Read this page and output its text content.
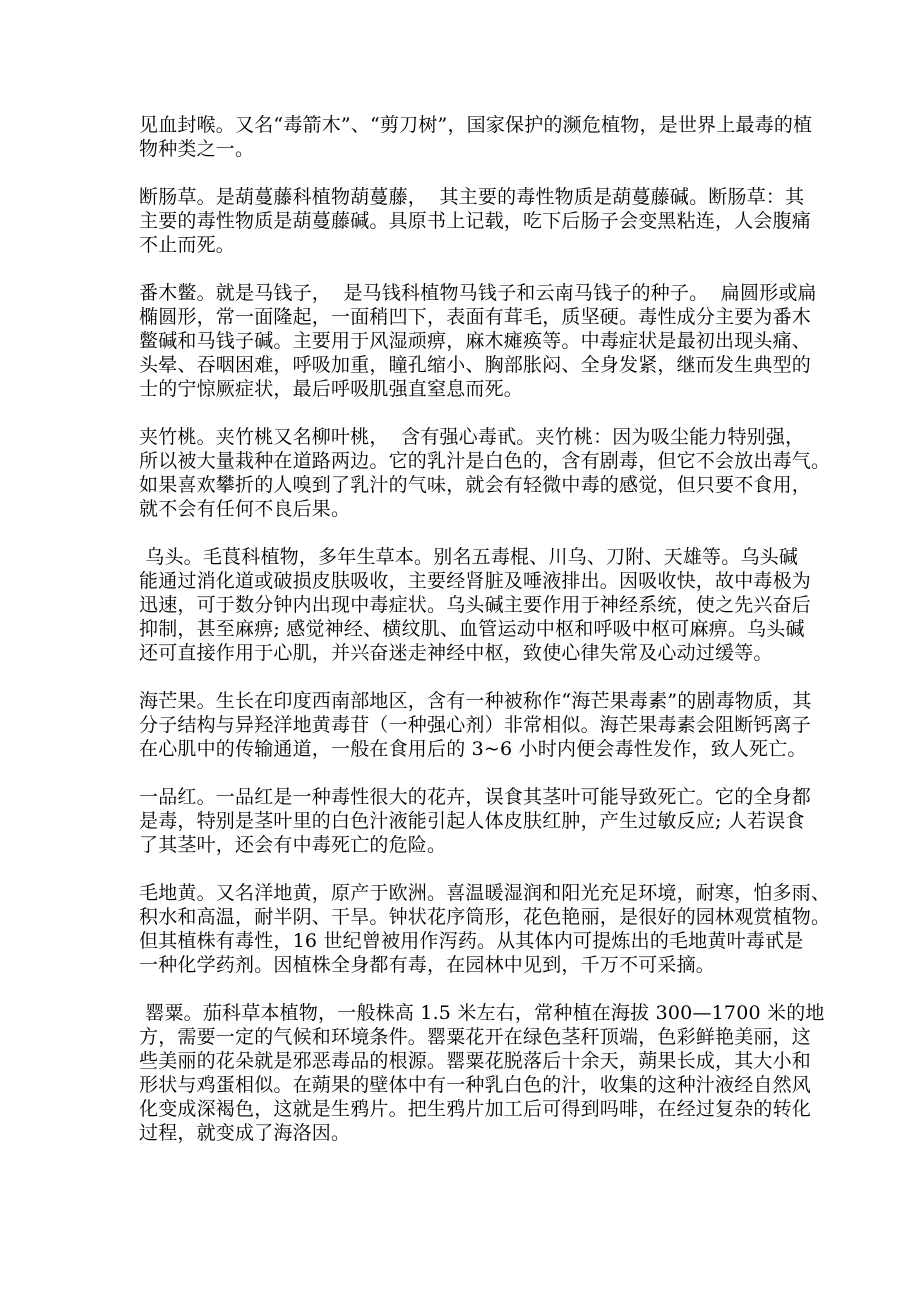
见血封喉。又名“毒箭木”、“剪刀树”，国家保护的濒危植物，是世界上最毒的植
物种类之一。
断肠草。是葫蔓藤科植物葫蔓藤，  其主要的毒性物质是葫蔓藤碱。断肠草：其
主要的毒性物质是葫蔓藤碱。具原书上记载，吃下后肠子会变黑粘连，人会腹痛
不止而死。
番木鳖。就是马钱子，  是马钱科植物马钱子和云南马钱子的种子。  扁圆形或扁
椭圆形，常一面隆起，一面稍凹下，表面有茸毛，质坚硬。毒性成分主要为番木
鳖碱和马钱子碱。主要用于风湿顽痹，麻木瘫痪等。中毒症状是最初出现头痛、
头晕、吞咽困难，呼吸加重，瞳孔缩小、胸部胀闷、全身发紧，继而发生典型的
士的宁惊厥症状，最后呼吸肌强直窒息而死。
夹竹桃。夹竹桃又名柳叶桃，  含有强心毒甙。夹竹桃：因为吸尘能力特别强，
所以被大量栽种在道路两边。它的乳汁是白色的，含有剧毒，但它不会放出毒气。
如果喜欢攀折的人嗅到了乳汁的气味，就会有轻微中毒的感觉，但只要不食用，
就不会有任何不良后果。
乌头。毛茛科植物，多年生草本。别名五毒棍、川乌、刀附、天雄等。乌头碱
能通过消化道或破损皮肤吸收，主要经肾脏及唾液排出。因吸收快，故中毒极为
迅速，可于数分钟内出现中毒症状。乌头碱主要作用于神经系统，使之先兴奋后
抑制，甚至麻痹; 感觉神经、横纹肌、血管运动中枢和呼吸中枢可麻痹。乌头碱
还可直接作用于心肌，并兴奋迷走神经中枢，致使心律失常及心动过缓等。
海芒果。生长在印度西南部地区，含有一种被称作“海芒果毒素”的剧毒物质，其
分子结构与异羟洋地黄毒苷（一种强心剂）非常相似。海芒果毒素会阻断钙离子
在心肌中的传输通道，一般在食用后的 3~6 小时内便会毒性发作，致人死亡。
一品红。一品红是一种毒性很大的花卉，误食其茎叶可能导致死亡。它的全身都
是毒，特别是茎叶里的白色汁液能引起人体皮肤红肿，产生过敏反应; 人若误食
了其茎叶，还会有中毒死亡的危险。
毛地黄。又名洋地黄，原产于欧洲。喜温暖湿润和阳光充足环境，耐寒，怕多雨、
积水和高温，耐半阴、干旱。钟状花序筒形，花色艳丽，是很好的园林观赏植物。
但其植株有毒性，16 世纪曾被用作泻药。从其体内可提炼出的毛地黄叶毒甙是
一种化学药剂。因植株全身都有毒，在园林中见到，千万不可采摘。
罂粟。茄科草本植物，一般株高 1.5 米左右，常种植在海拔 300—1700 米的地
方，需要一定的气候和环境条件。罂粟花开在绿色茎秆顶端，色彩鲜艳美丽，这
些美丽的花朵就是邪恶毒品的根源。罂粟花脱落后十余天，蒴果长成，其大小和
形状与鸡蛋相似。在蒴果的壁体中有一种乳白色的汁，收集的这种汁液经自然风
化变成深褐色，这就是生鸦片。把生鸦片加工后可得到吗啡，在经过复杂的转化
过程，就变成了海洛因。
